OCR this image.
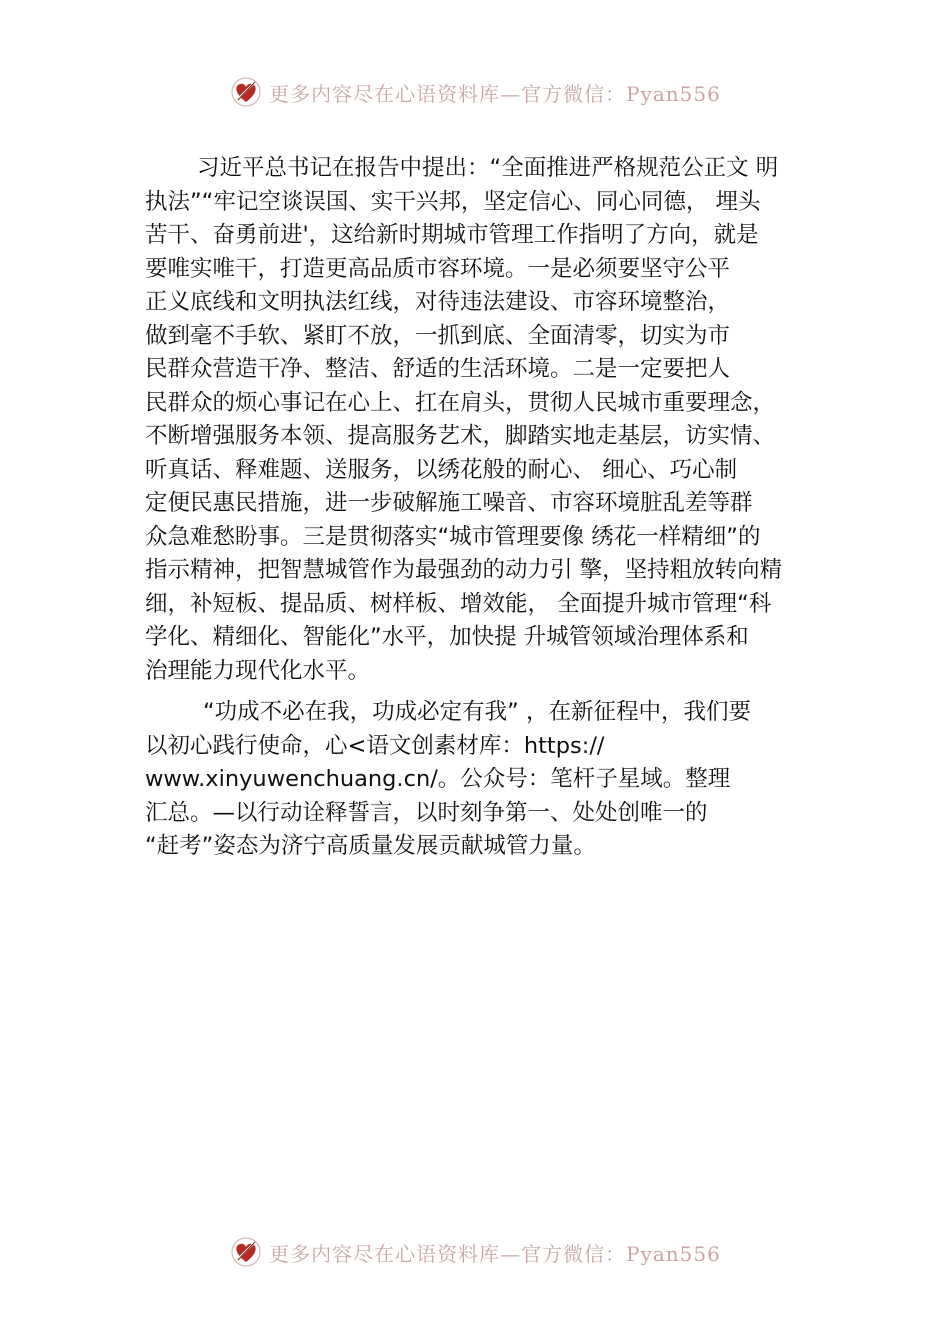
更多内容尽在心语资料库—官方微信：Pyan556
习近平总书记在报告中提出：“全面推进严格规范公正文 明
执法”“牢记空谈误国、实干兴邦，坚定信心、同心同德， 埋头
苦干、奋勇前进'，这给新时期城市管理工作指明了方向，就是
要唯实唯干，打造更高品质市容环境。一是必须要坚守公平
正义底线和文明执法红线，对待违法建设、市容环境整治，
做到毫不手软、紧盯不放，一抓到底、全面清零，切实为市
民群众营造干净、整洁、舒适的生活环境。二是一定要把人
民群众的烦心事记在心上、扛在肩头，贯彻人民城市重要理念，
不断增强服务本领、提高服务艺术，脚踏实地走基层，访实情、
听真话、释难题、送服务，以绣花般的耐心、 细心、巧心制
定便民惠民措施，进一步破解施工噪音、市容环境脏乱差等群
众急难愁盼事。三是贯彻落实“城市管理要像 绣花一样精细”的
指示精神，把智慧城管作为最强劲的动力引 擎，坚持粗放转向精
细，补短板、提品质、树样板、增效能， 全面提升城市管理“科
学化、精细化、智能化”水平，加快提 升城管领域治理体系和
治理能力现代化水平。
“功成不必在我，功成必定有我” ，在新征程中，我们要
以初心践行使命，心<语文创素材库：https://
www.xinyuwenchuang.cn/。公众号：笔杆子星域。整理
汇总。—以行动诠释誓言，以时刻争第一、处处创唯一的
“赶考”姿态为济宁高质量发展贡献城管力量。
更多内容尽在心语资料库—官方微信：Pyan556
